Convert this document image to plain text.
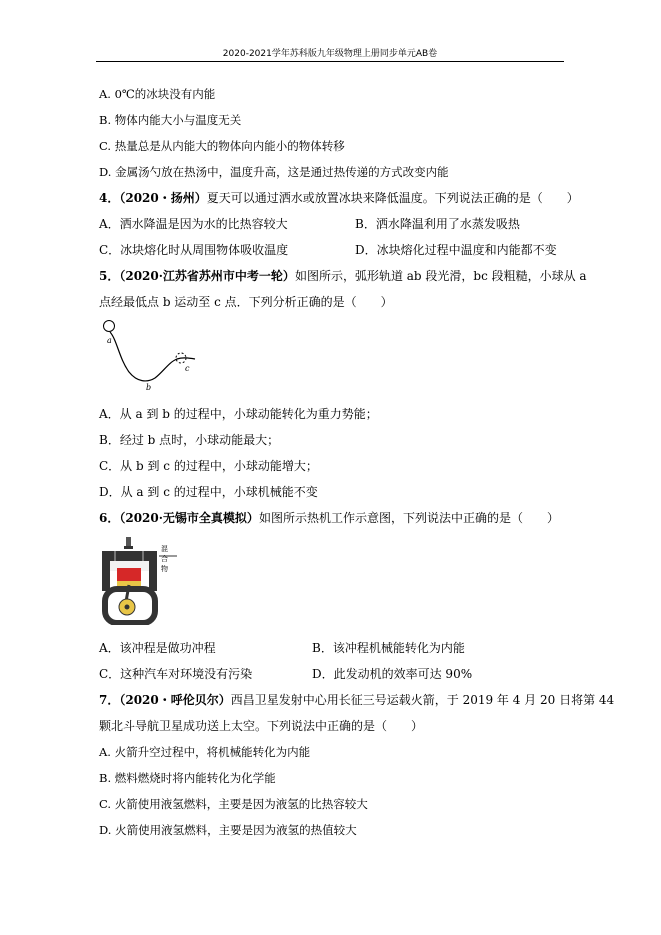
2020-2021学年苏科版九年级物理上册同步单元AB卷
A. 0℃的冰块没有内能
B. 物体内能大小与温度无关
C. 热量总是从内能大的物体向内能小的物体转移
D. 金属汤勺放在热汤中，温度升高，这是通过热传递的方式改变内能
4．（2020・扬州）夏天可以通过洒水或放置冰块来降低温度。下列说法正确的是（　　）
A．洒水降温是因为水的比热容较大	B．洒水降温利用了水蒸发吸热
C．冰块熔化时从周围物体吸收温度	D．冰块熔化过程中温度和内能都不变
5．（2020·江苏省苏州市中考一轮）如图所示，弧形轨道 ab 段光滑，bc 段粗糙，小球从 a
点经最低点 b 运动至 c 点．下列分析正确的是（　　）
a
b
c
A．从 a 到 b 的过程中，小球动能转化为重力势能；
B．经过 b 点时，小球动能最大；
C．从 b 到 c 的过程中，小球动能增大；
D．从 a 到 c 的过程中，小球机械能不变
6．（2020·无锡市全真模拟）如图所示热机工作示意图，下列说法中正确的是（　　）
混 合 物
A．该冲程是做功冲程	B．该冲程机械能转化为内能
C．这种汽车对环境没有污染	D．此发动机的效率可达 90%
7．（2020・呼伦贝尔）西昌卫星发射中心用长征三号运载火箭，于 2019 年 4 月 20 日将第 44
颗北斗导航卫星成功送上太空。下列说法中正确的是（　　）
A. 火箭升空过程中，将机械能转化为内能
B. 燃料燃烧时将内能转化为化学能
C. 火箭使用液氢燃料，主要是因为液氢的比热容较大
D. 火箭使用液氢燃料，主要是因为液氢的热值较大
